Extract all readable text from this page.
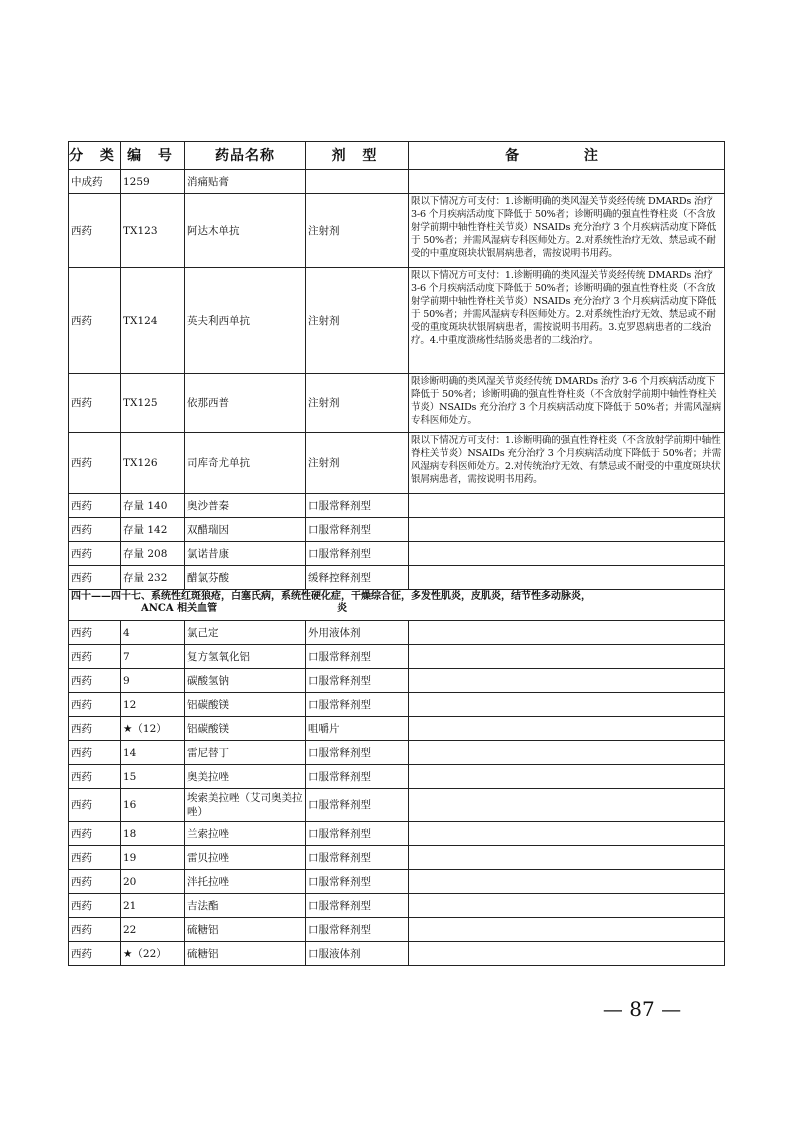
分 类	编 号	药品名称	剂 型	备 注
中成药	1259	消痛贴膏		
西药	TX123	阿达木单抗	注射剂	限以下情况方可支付：1.诊断明确的类风湿关节炎经传统 DMARDs 治疗 3-6 个月疾病活动度下降低于 50%者；诊断明确的强直性脊柱炎（不含放射学前期中轴性脊柱关节炎）NSAIDs 充分治疗 3 个月疾病活动度下降低于 50%者；并需风湿病专科医师处方。2.对系统性治疗无效、禁忌或不耐受的中重度斑块状银屑病患者，需按说明书用药。
西药	TX124	英夫利西单抗	注射剂	限以下情况方可支付：1.诊断明确的类风湿关节炎经传统 DMARDs 治疗 3-6 个月疾病活动度下降低于 50%者；诊断明确的强直性脊柱炎（不含放射学前期中轴性脊柱关节炎）NSAIDs 充分治疗 3 个月疾病活动度下降低于 50%者；并需风湿病专科医师处方。2.对系统性治疗无效、禁忌或不耐受的重度斑块状银屑病患者，需按说明书用药。3.克罗恩病患者的二线治疗。4.中重度溃疡性结肠炎患者的二线治疗。
西药	TX125	依那西普	注射剂	限诊断明确的类风湿关节炎经传统 DMARDs 治疗 3-6 个月疾病活动度下降低于 50%者；诊断明确的强直性脊柱炎（不含放射学前期中轴性脊柱关节炎）NSAIDs 充分治疗 3 个月疾病活动度下降低于 50%者；并需风湿病专科医师处方。
西药	TX126	司库奇尤单抗	注射剂	限以下情况方可支付：1.诊断明确的强直性脊柱炎（不含放射学前期中轴性脊柱关节炎）NSAIDs 充分治疗 3 个月疾病活动度下降低于 50%者；并需风湿病专科医师处方。2.对传统治疗无效、有禁忌或不耐受的中重度斑块状银屑病患者，需按说明书用药。
西药	存量 140	奥沙普秦	口服常释剂型	
西药	存量 142	双醋瑞因	口服常释剂型	
西药	存量 208	氯诺昔康	口服常释剂型	
西药	存量 232	醋氯芬酸	缓释控释剂型	

四十——四十七、系统性红斑狼疮，白塞氏病，系统性硬化症，干燥综合征，多发性肌炎，皮肌炎，结节性多动脉炎，
ANCA 相关血管 炎				

西药	4	氯己定	外用液体剂	
西药	7	复方氢氧化铝	口服常释剂型	
西药	9	碳酸氢钠	口服常释剂型	
西药	12	铝碳酸镁	口服常释剂型	
西药	★（12）	铝碳酸镁	咀嚼片	
西药	14	雷尼替丁	口服常释剂型	
西药	15	奥美拉唑	口服常释剂型	
西药	16	埃索美拉唑（艾司奥美拉唑）	口服常释剂型	
西药	18	兰索拉唑	口服常释剂型	
西药	19	雷贝拉唑	口服常释剂型	
西药	20	泮托拉唑	口服常释剂型	
西药	21	吉法酯	口服常释剂型	
西药	22	硫糖铝	口服常释剂型	
西药	★（22）	硫糖铝	口服液体剂	
— 87 —
